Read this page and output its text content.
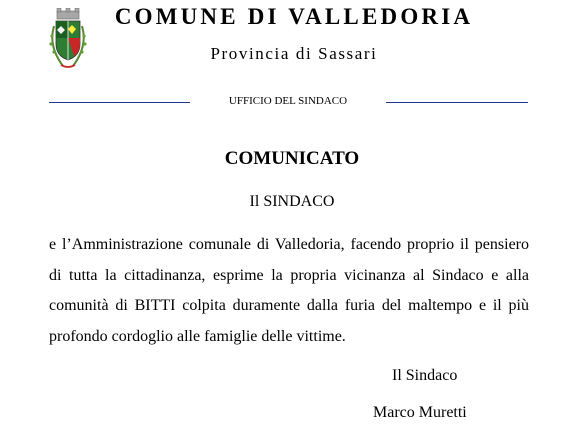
COMUNE DI VALLEDORIA
Provincia di Sassari
UFFICIO DEL SINDACO
COMUNICATO
Il SINDACO

e l’Amministrazione comunale di Valledoria, facendo proprio il pensiero di tutta la cittadinanza, esprime la propria vicinanza al Sindaco e alla comunità di BITTI colpita duramente dalla furia del maltempo e il più profondo cordoglio alle famiglie delle vittime.

Il Sindaco
Marco Muretti
